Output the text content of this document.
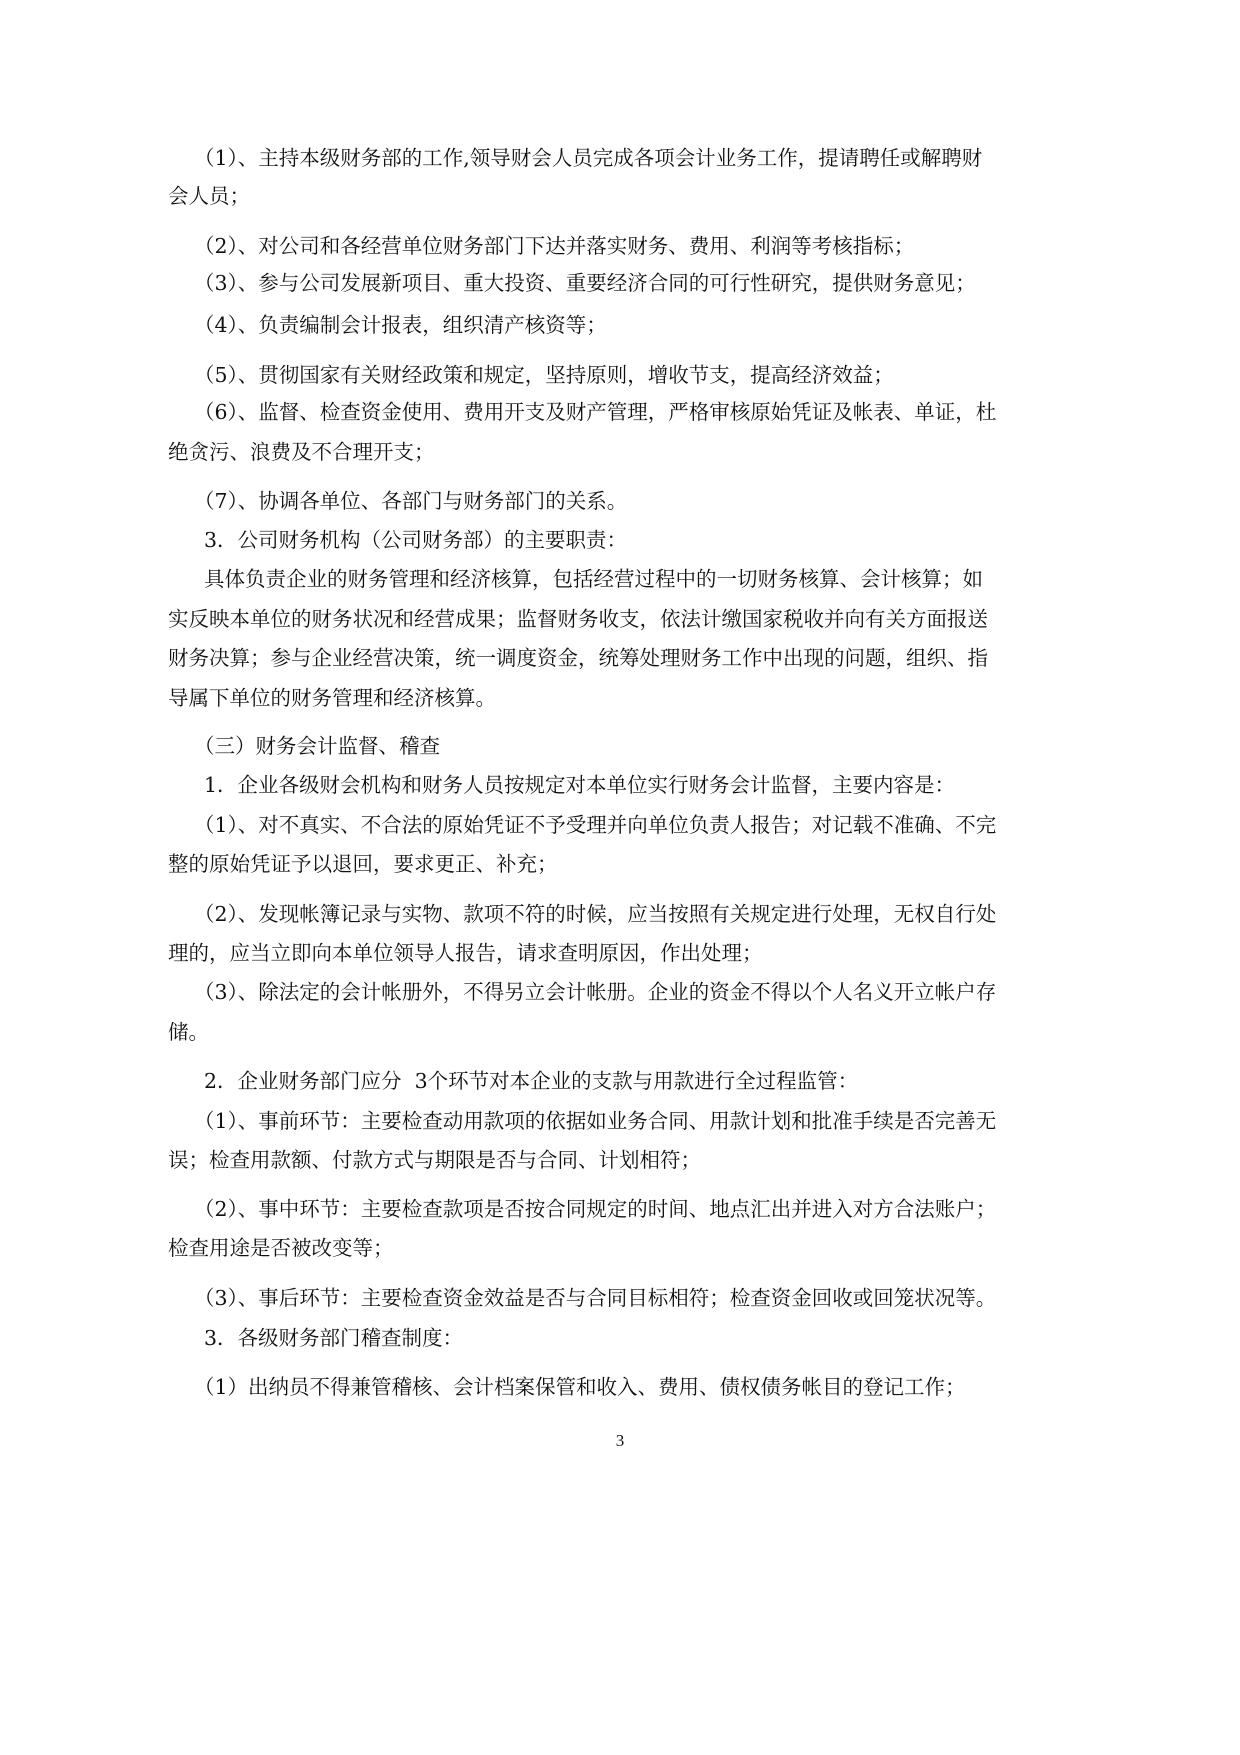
（1）、主持本级财务部的工作,领导财会人员完成各项会计业务工作，提请聘任或解聘财
会人员；
（2）、对公司和各经营单位财务部门下达并落实财务、费用、利润等考核指标；
（3）、参与公司发展新项目、重大投资、重要经济合同的可行性研究，提供财务意见；
（4）、负责编制会计报表，组织清产核资等；
（5）、贯彻国家有关财经政策和规定，坚持原则，增收节支，提高经济效益；
（6）、监督、检查资金使用、费用开支及财产管理，严格审核原始凭证及帐表、单证，杜
绝贪污、浪费及不合理开支；
（7）、协调各单位、各部门与财务部门的关系。
3．公司财务机构（公司财务部）的主要职责：
具体负责企业的财务管理和经济核算，包括经营过程中的一切财务核算、会计核算；如
实反映本单位的财务状况和经营成果；监督财务收支，依法计缴国家税收并向有关方面报送
财务决算；参与企业经营决策，统一调度资金，统筹处理财务工作中出现的问题，组织、指
导属下单位的财务管理和经济核算。
（三）财务会计监督、稽查
1．企业各级财会机构和财务人员按规定对本单位实行财务会计监督，主要内容是：
（1）、对不真实、不合法的原始凭证不予受理并向单位负责人报告；对记载不准确、不完
整的原始凭证予以退回，要求更正、补充；
（2）、发现帐簿记录与实物、款项不符的时候，应当按照有关规定进行处理，无权自行处
理的，应当立即向本单位领导人报告，请求查明原因，作出处理；
（3）、除法定的会计帐册外，不得另立会计帐册。企业的资金不得以个人名义开立帐户存
储。
2．企业财务部门应分  3个环节对本企业的支款与用款进行全过程监管：
（1）、事前环节：主要检查动用款项的依据如业务合同、用款计划和批准手续是否完善无
误；检查用款额、付款方式与期限是否与合同、计划相符；
（2）、事中环节：主要检查款项是否按合同规定的时间、地点汇出并进入对方合法账户；
检查用途是否被改变等；
（3）、事后环节：主要检查资金效益是否与合同目标相符；检查资金回收或回笼状况等。
3．各级财务部门稽查制度：
（1）出纳员不得兼管稽核、会计档案保管和收入、费用、债权债务帐目的登记工作；
3
